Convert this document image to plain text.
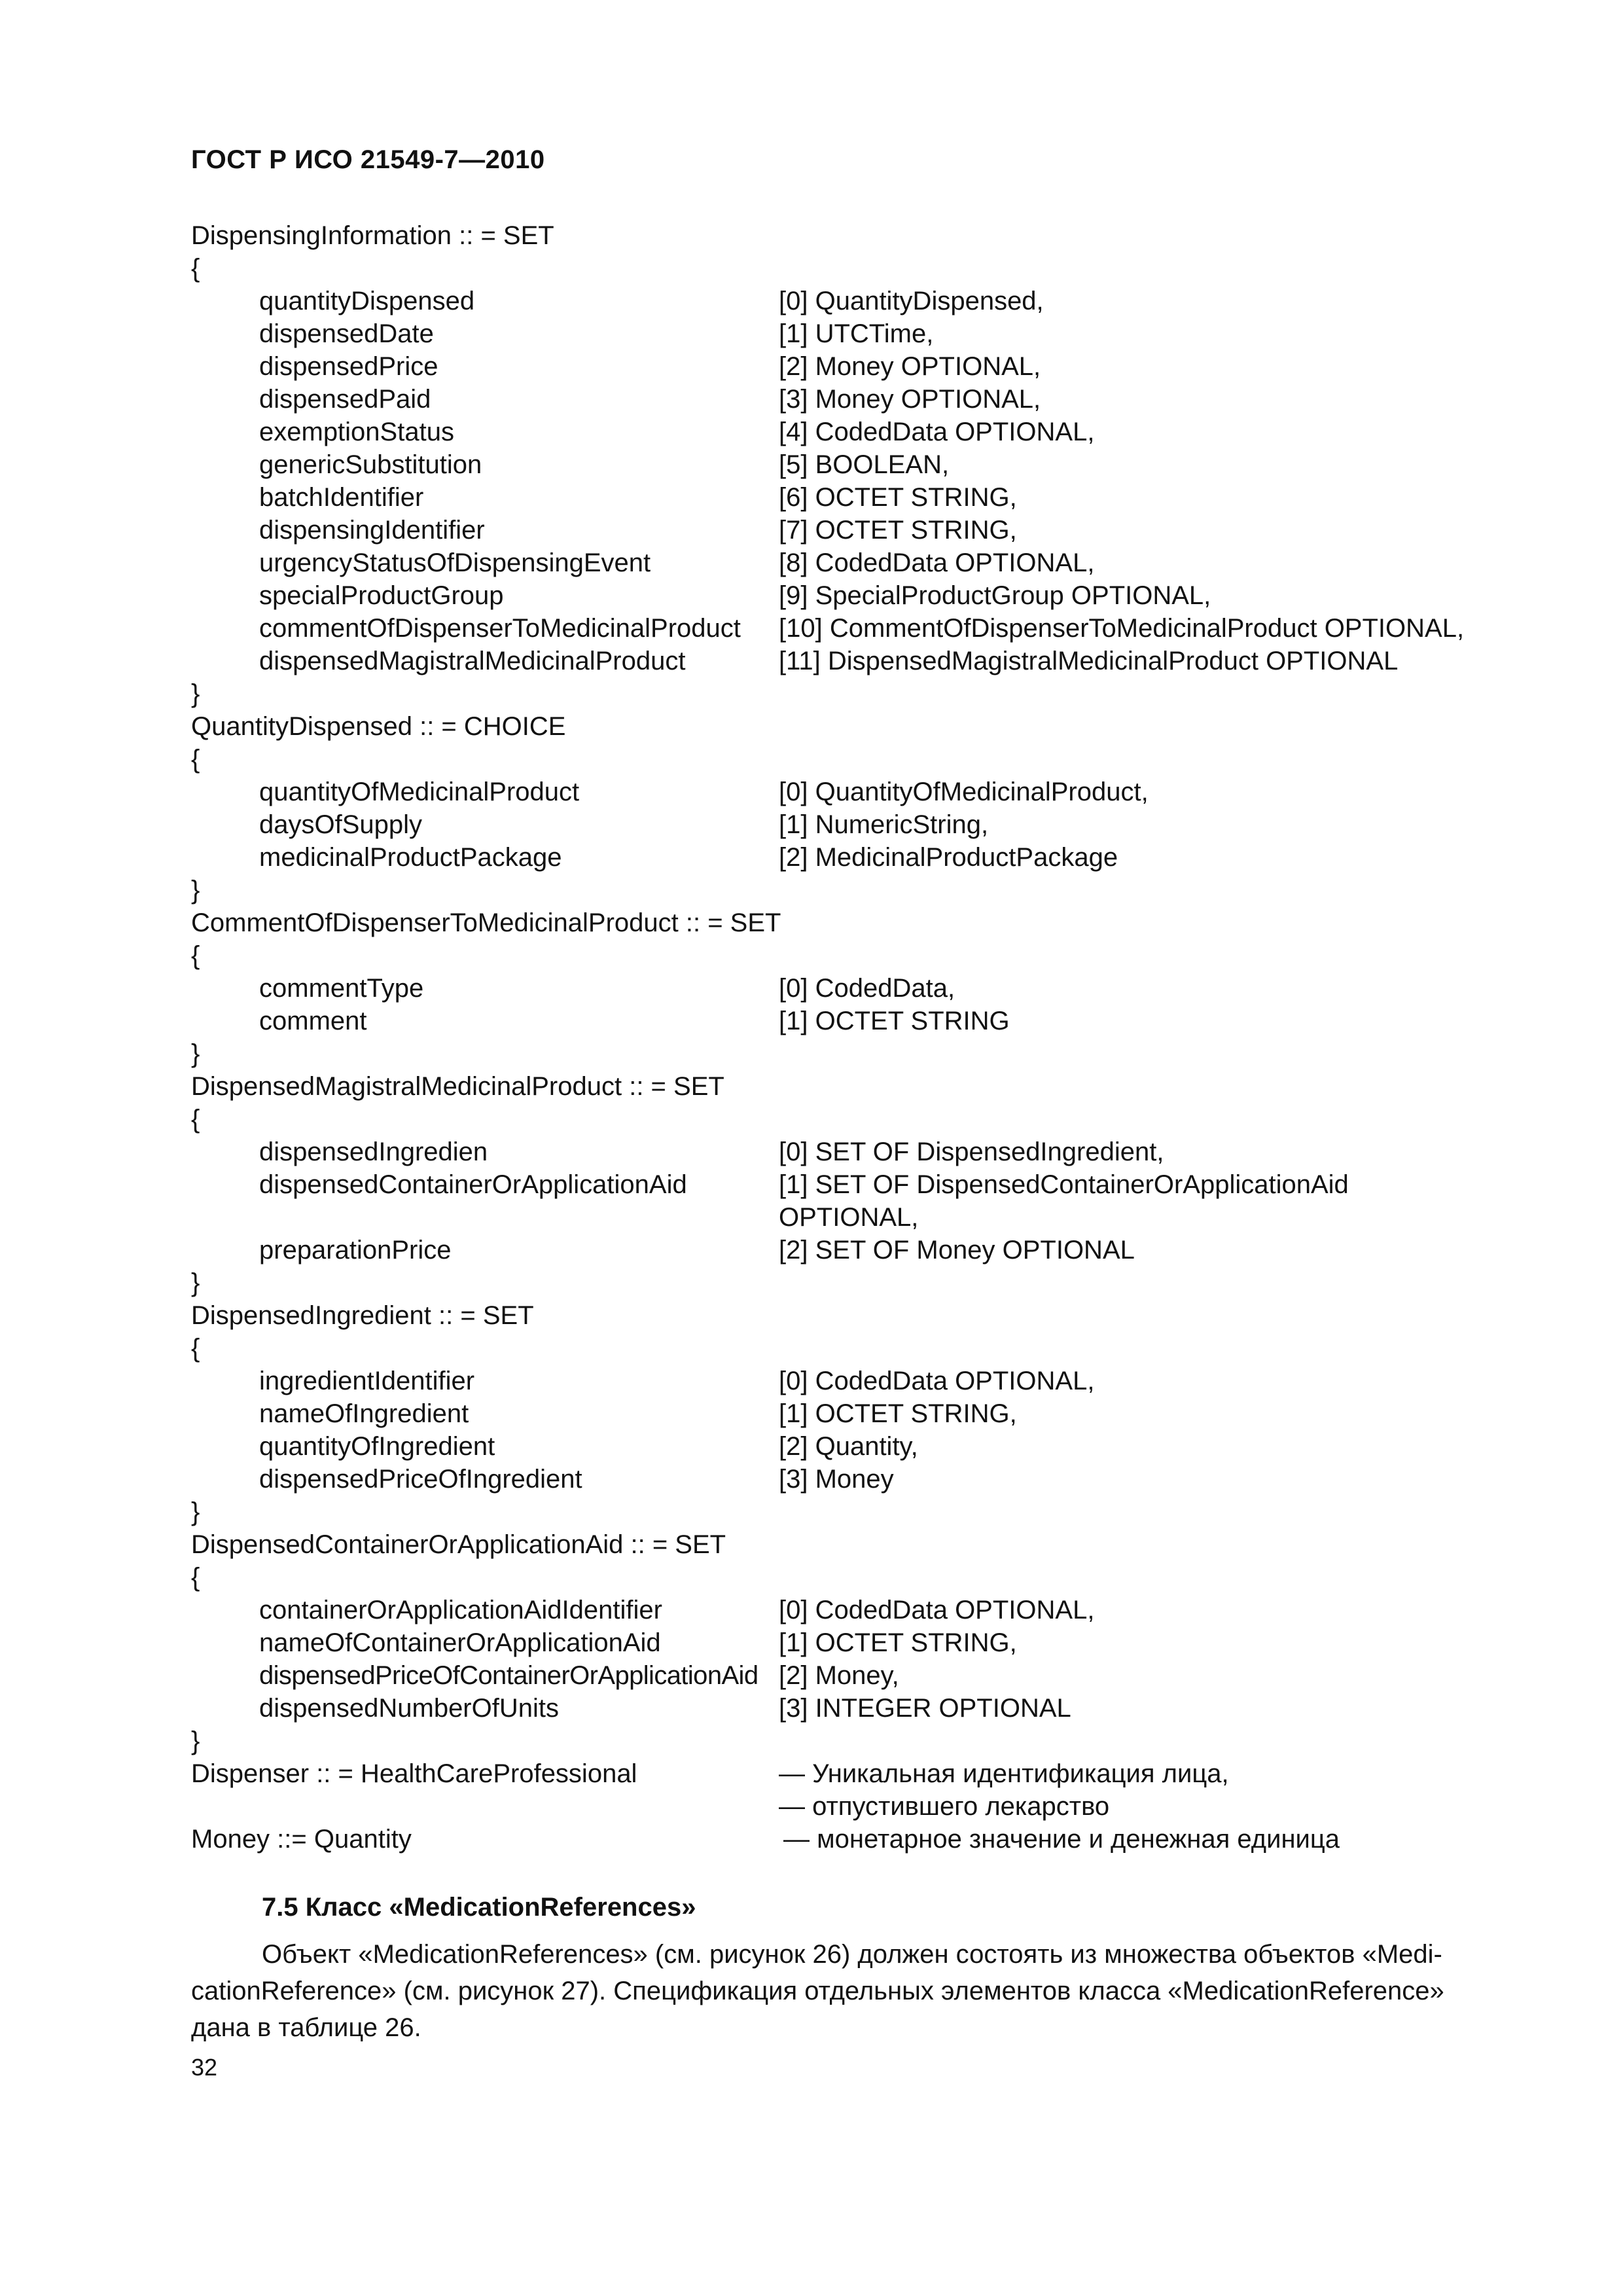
ГОСТ Р ИСО 21549-7—2010
DispensingInformation :: = SET
{
quantityDispensed	[0] QuantityDispensed,
dispensedDate	[1] UTCTime,
dispensedPrice	[2] Money OPTIONAL,
dispensedPaid	[3] Money OPTIONAL,
exemptionStatus	[4] CodedData OPTIONAL,
genericSubstitution	[5] BOOLEAN,
batchIdentifier	[6] OCTET STRING,
dispensingIdentifier	[7] OCTET STRING,
urgencyStatusOfDispensingEvent	[8] CodedData OPTIONAL,
specialProductGroup	[9] SpecialProductGroup OPTIONAL,
commentOfDispenserToMedicinalProduct [10] CommentOfDispenserToMedicinalProduct OPTIONAL,
dispensedMagistralMedicinalProduct	[11] DispensedMagistralMedicinalProduct OPTIONAL
}
QuantityDispensed :: = CHOICE
{
quantityOfMedicinalProduct	[0] QuantityOfMedicinalProduct,
daysOfSupply	[1] NumericString,
medicinalProductPackage	[2] MedicinalProductPackage
}
CommentOfDispenserToMedicinalProduct :: = SET
{
commentType	[0] CodedData,
comment	[1] OCTET STRING
}
DispensedMagistralMedicinalProduct :: = SET
{
dispensedIngredien	[0] SET OF DispensedIngredient,
dispensedContainerOrApplicationAid	[1] SET OF DispensedContainerOrApplicationAid
OPTIONAL,
preparationPrice	[2] SET OF Money OPTIONAL
}
DispensedIngredient :: = SET
{
ingredientIdentifier	[0] CodedData OPTIONAL,
nameOfIngredient	[1] OCTET STRING,
quantityOfIngredient	[2] Quantity,
dispensedPriceOfIngredient	[3] Money
}
DispensedContainerOrApplicationAid :: = SET
{
containerOrApplicationAidIdentifier	[0] CodedData OPTIONAL,
nameOfContainerOrApplicationAid	[1] OCTET STRING,
dispensedPriceOfContainerOrApplicationAid [2] Money,
dispensedNumberOfUnits	[3] INTEGER OPTIONAL
}
Dispenser :: = HealthCareProfessional	— Уникальная идентификация лица,
— отпустившего лекарство
Money ::= Quantity	— монетарное значение и денежная единица
7.5 Класс «MedicationReferences»
Объект «MedicationReferences» (см. рисунок 26) должен состоять из множества объектов «Medi-
cationReference» (см. рисунок 27). Спецификация отдельных элементов класса «MedicationReference»
дана в таблице 26.
32
